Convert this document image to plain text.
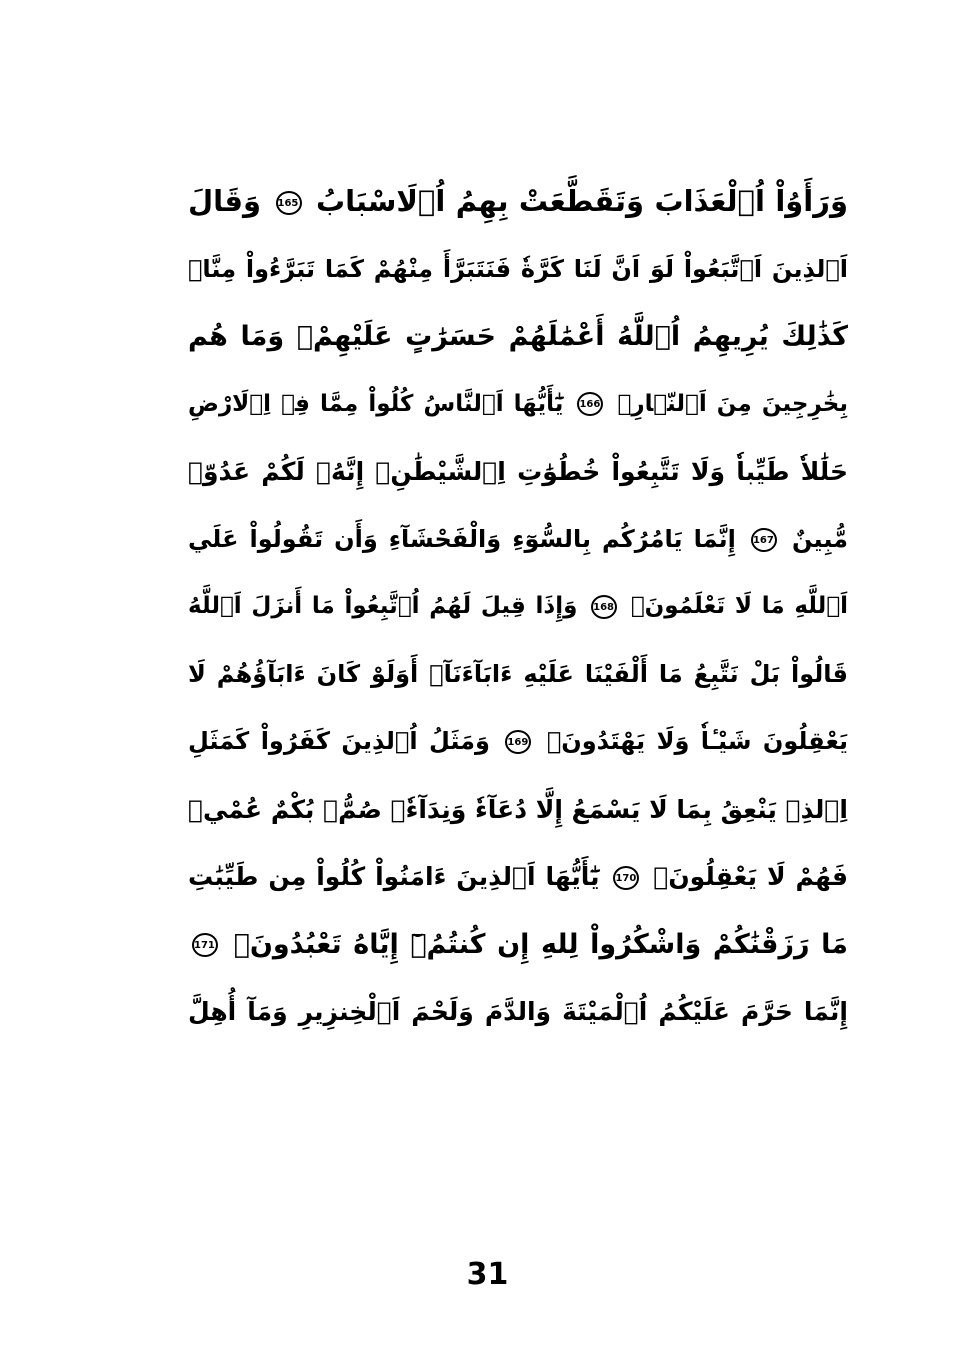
وَرَأَوُاْ اُ۬لْعَذَابَ وَتَقَطَّعَتْ بِهِمُ اُ۬لَاسْبَابُ 165 وَقَالَ
اَ۬لذِينَ اَ۪تَّبَعُواْ لَوَ اَنَّ لَنَا كَرَّةٗ فَنَتَبَرَّأَ مِنْهُمْ كَمَا تَبَرَّءُواْ مِنَّاۖ
كَذَٰلِكَ يُرِيهِمُ اُ۬للَّهُ أَعْمَٰلَهُمْ حَسَرَٰتٍ عَلَيْهِمْۖ وَمَا هُم
بِخَٰرِجِينَ مِنَ اَ۬لنّ۪ارِۖ 166 يَٰٓأَيُّهَا اَ۬لنَّاسُ كُلُواْ مِمَّا فِے اِ۬لَارْضِ
حَلَٰلاٗ طَيِّباٗ وَلَا تَتَّبِعُواْ خُطُوَٰتِ اِ۬لشَّيْطَٰنِۖ إِنَّهُۥ لَكُمْ عَدُوّٞ
مُّبِينٌ 167 إِنَّمَا يَامُرُكُم بِالسُّوٓءِ وَالْفَحْشَآءِ وَأَن تَقُولُواْ عَلَي
اَ۬للَّهِ مَا لَا تَعْلَمُونَۖ 168 وَإِذَا قِيلَ لَهُمُ اُ۪تَّبِعُواْ مَا أَنزَلَ اَ۬للَّهُ
قَالُواْ بَلْ نَتَّبِعُ مَا أَلْفَيْنَا عَلَيْهِ ءَابَآءَنَآۖ أَوَلَوْ كَانَ ءَابَآؤُهُمْ لَا
يَعْقِلُونَ شَيْـٔاٗ وَلَا يَهْتَدُونَۖ 169 وَمَثَلُ اُ۬لذِينَ كَفَرُواْ كَمَثَلِ
اِ۬لذِے يَنْعِقُ بِمَا لَا يَسْمَعُ إِلَّا دُعَآءٗ وَنِدَآءٗۖ صُمُّۢ بُكْمٌ عُمْيٞ
فَهُمْ لَا يَعْقِلُونَۖ 170 يَٰٓأَيُّهَا اَ۬لذِينَ ءَامَنُواْ كُلُواْ مِن طَيِّبَٰتِ
مَا رَزَقْنَٰكُمْ وَاشْكُرُواْ لِلهِ إِن كُنتُمُۥٓ إِيَّاهُ تَعْبُدُونَۖ 171
إِنَّمَا حَرَّمَ عَلَيْكُمُ اُ۬لْمَيْتَةَ وَالدَّمَ وَلَحْمَ اَ۬لْخِنزِيرِ وَمَآ أُهِلَّ
31
